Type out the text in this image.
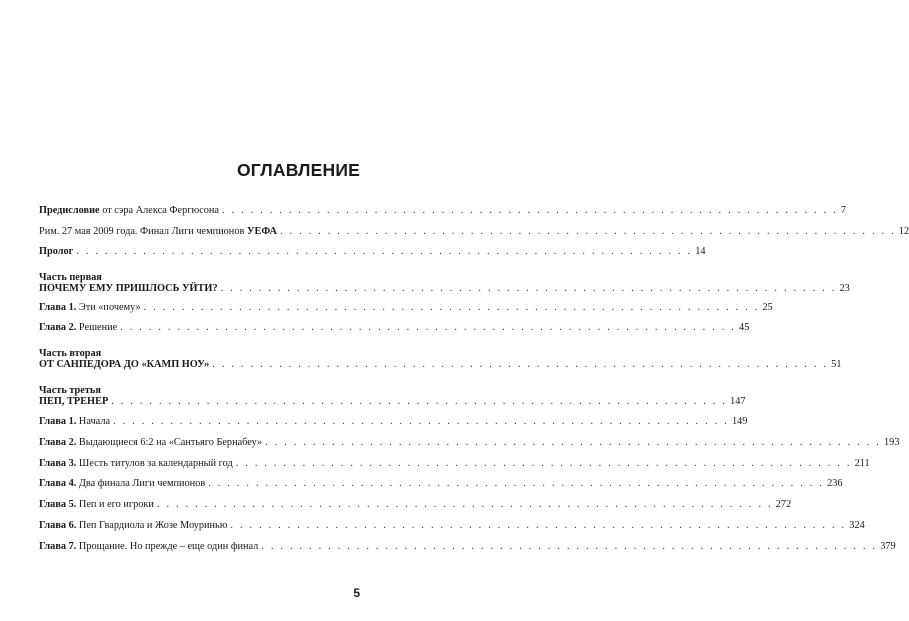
ОГЛАВЛЕНИЕ
Предисловие от сэра Алекса Фергюсона . . . . . . . . . . . . . . . . . . . . . . . . . . . . . . . . . . . . . . . . . . . . . . . . . . . . . . . . . . . . . . . . . 7
Рим. 27 мая 2009 года. Финал Лиги чемпионов УЕФА . . . . . . . . . . . . . . . . . . . . . . . . . . . . . . . . . . . . . . . . . . . . . . . . . . . . . . . . . . . . . . . . . 12
Пролог . . . . . . . . . . . . . . . . . . . . . . . . . . . . . . . . . . . . . . . . . . . . . . . . . . . . . . . . . . . . . . . . . 14
Часть первая
ПОЧЕМУ ЕМУ ПРИШЛОСЬ УЙТИ? . . . . . . . . . . . . . . . . . . . . . . . . . . . . . . . . . . . . . . . . . . . . . . . . . . . . . . . . . . . . . . . . . 23
Глава 1. Эти «почему» . . . . . . . . . . . . . . . . . . . . . . . . . . . . . . . . . . . . . . . . . . . . . . . . . . . . . . . . . . . . . . . . . 25
Глава 2. Решение . . . . . . . . . . . . . . . . . . . . . . . . . . . . . . . . . . . . . . . . . . . . . . . . . . . . . . . . . . . . . . . . . 45
Часть вторая
ОТ САНПЕДОРА ДО «КАМП НОУ» . . . . . . . . . . . . . . . . . . . . . . . . . . . . . . . . . . . . . . . . . . . . . . . . . . . . . . . . . . . . . . . . . 51
Часть третья
ПЕП, ТРЕНЕР . . . . . . . . . . . . . . . . . . . . . . . . . . . . . . . . . . . . . . . . . . . . . . . . . . . . . . . . . . . . . . . . . 147
Глава 1. Начала . . . . . . . . . . . . . . . . . . . . . . . . . . . . . . . . . . . . . . . . . . . . . . . . . . . . . . . . . . . . . . . . . 149
Глава 2. Выдающиеся 6:2 на «Сантьяго Бернабеу» . . . . . . . . . . . . . . . . . . . . . . . . . . . . . . . . . . . . . . . . . . . . . . . . . . . . . . . . . . . . . . . . . 193
Глава 3. Шесть титулов за календарный год . . . . . . . . . . . . . . . . . . . . . . . . . . . . . . . . . . . . . . . . . . . . . . . . . . . . . . . . . . . . . . . . . 211
Глава 4. Два финала Лиги чемпионов . . . . . . . . . . . . . . . . . . . . . . . . . . . . . . . . . . . . . . . . . . . . . . . . . . . . . . . . . . . . . . . . . 236
Глава 5. Пеп и его игроки . . . . . . . . . . . . . . . . . . . . . . . . . . . . . . . . . . . . . . . . . . . . . . . . . . . . . . . . . . . . . . . . . 272
Глава 6. Пеп Гвардиола и Жозе Моуринью . . . . . . . . . . . . . . . . . . . . . . . . . . . . . . . . . . . . . . . . . . . . . . . . . . . . . . . . . . . . . . . . . 324
Глава 7. Прощание. Но прежде – еще один финал . . . . . . . . . . . . . . . . . . . . . . . . . . . . . . . . . . . . . . . . . . . . . . . . . . . . . . . . . . . . . . . . . 379
5
